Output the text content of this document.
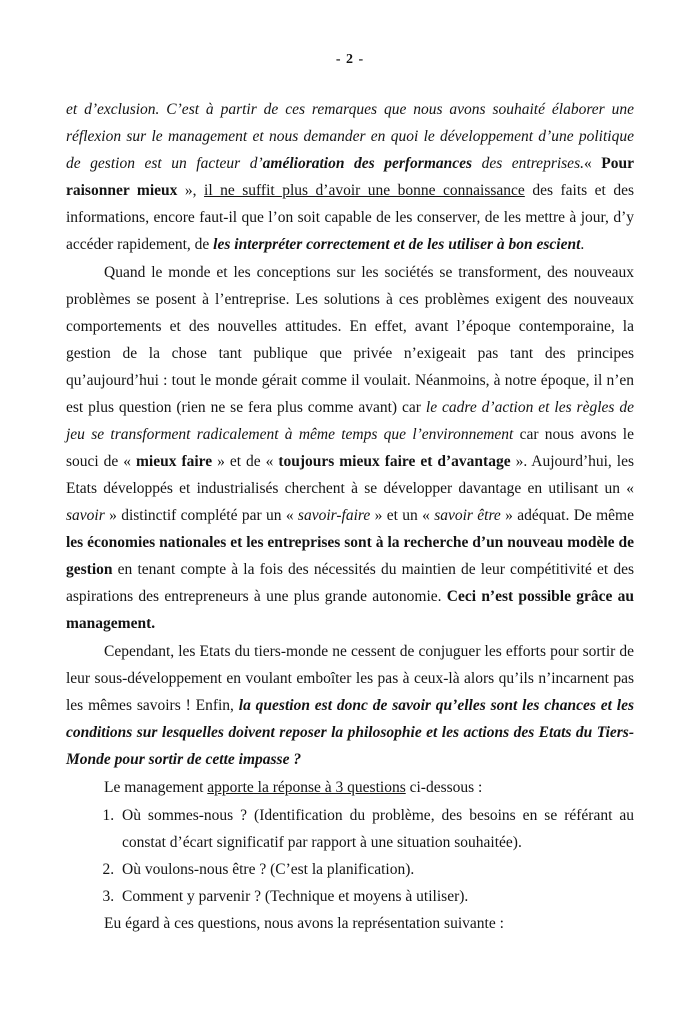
- 2 -

et d’exclusion. C’est à partir de ces remarques que nous avons souhaité élaborer une réflexion sur le management et nous demander en quoi le développement d’une politique de gestion est un facteur d’amélioration des performances des entreprises.« Pour raisonner mieux », il ne suffit plus d’avoir une bonne connaissance des faits et des informations, encore faut-il que l’on soit capable de les conserver, de les mettre à jour, d’y accéder rapidement, de les interpréter correctement et de les utiliser à bon escient.

Quand le monde et les conceptions sur les sociétés se transforment, des nouveaux problèmes se posent à l’entreprise. Les solutions à ces problèmes exigent des nouveaux comportements et des nouvelles attitudes. En effet, avant l’époque contemporaine, la gestion de la chose tant publique que privée n’exigeait pas tant des principes qu’aujourd’hui : tout le monde gérait comme il voulait. Néanmoins, à notre époque, il n’en est plus question (rien ne se fera plus comme avant) car le cadre d’action et les règles de jeu se transforment radicalement à même temps que l’environnement car nous avons le souci de « mieux faire » et de « toujours mieux faire et d’avantage ». Aujourd’hui, les Etats développés et industrialisés cherchent à se développer davantage en utilisant un « savoir » distinctif complété par un « savoir-faire » et un « savoir être » adéquat. De même les économies nationales et les entreprises sont à la recherche d’un nouveau modèle de gestion en tenant compte à la fois des nécessités du maintien de leur compétitivité et des aspirations des entrepreneurs à une plus grande autonomie. Ceci n’est possible grâce au management.

Cependant, les Etats du tiers-monde ne cessent de conjuguer les efforts pour sortir de leur sous-développement en voulant emboîter les pas à ceux-là alors qu’ils n’incarnent pas les mêmes savoirs ! Enfin, la question est donc de savoir qu’elles sont les chances et les conditions sur lesquelles doivent reposer la philosophie et les actions des Etats du Tiers-Monde pour sortir de cette impasse ?

Le management apporte la réponse à 3 questions ci-dessous :

1. Où sommes-nous ? (Identification du problème, des besoins en se référant au constat d’écart significatif par rapport à une situation souhaitée).
2. Où voulons-nous être ? (C’est la planification).
3. Comment y parvenir ? (Technique et moyens à utiliser).

Eu égard à ces questions, nous avons la représentation suivante :
